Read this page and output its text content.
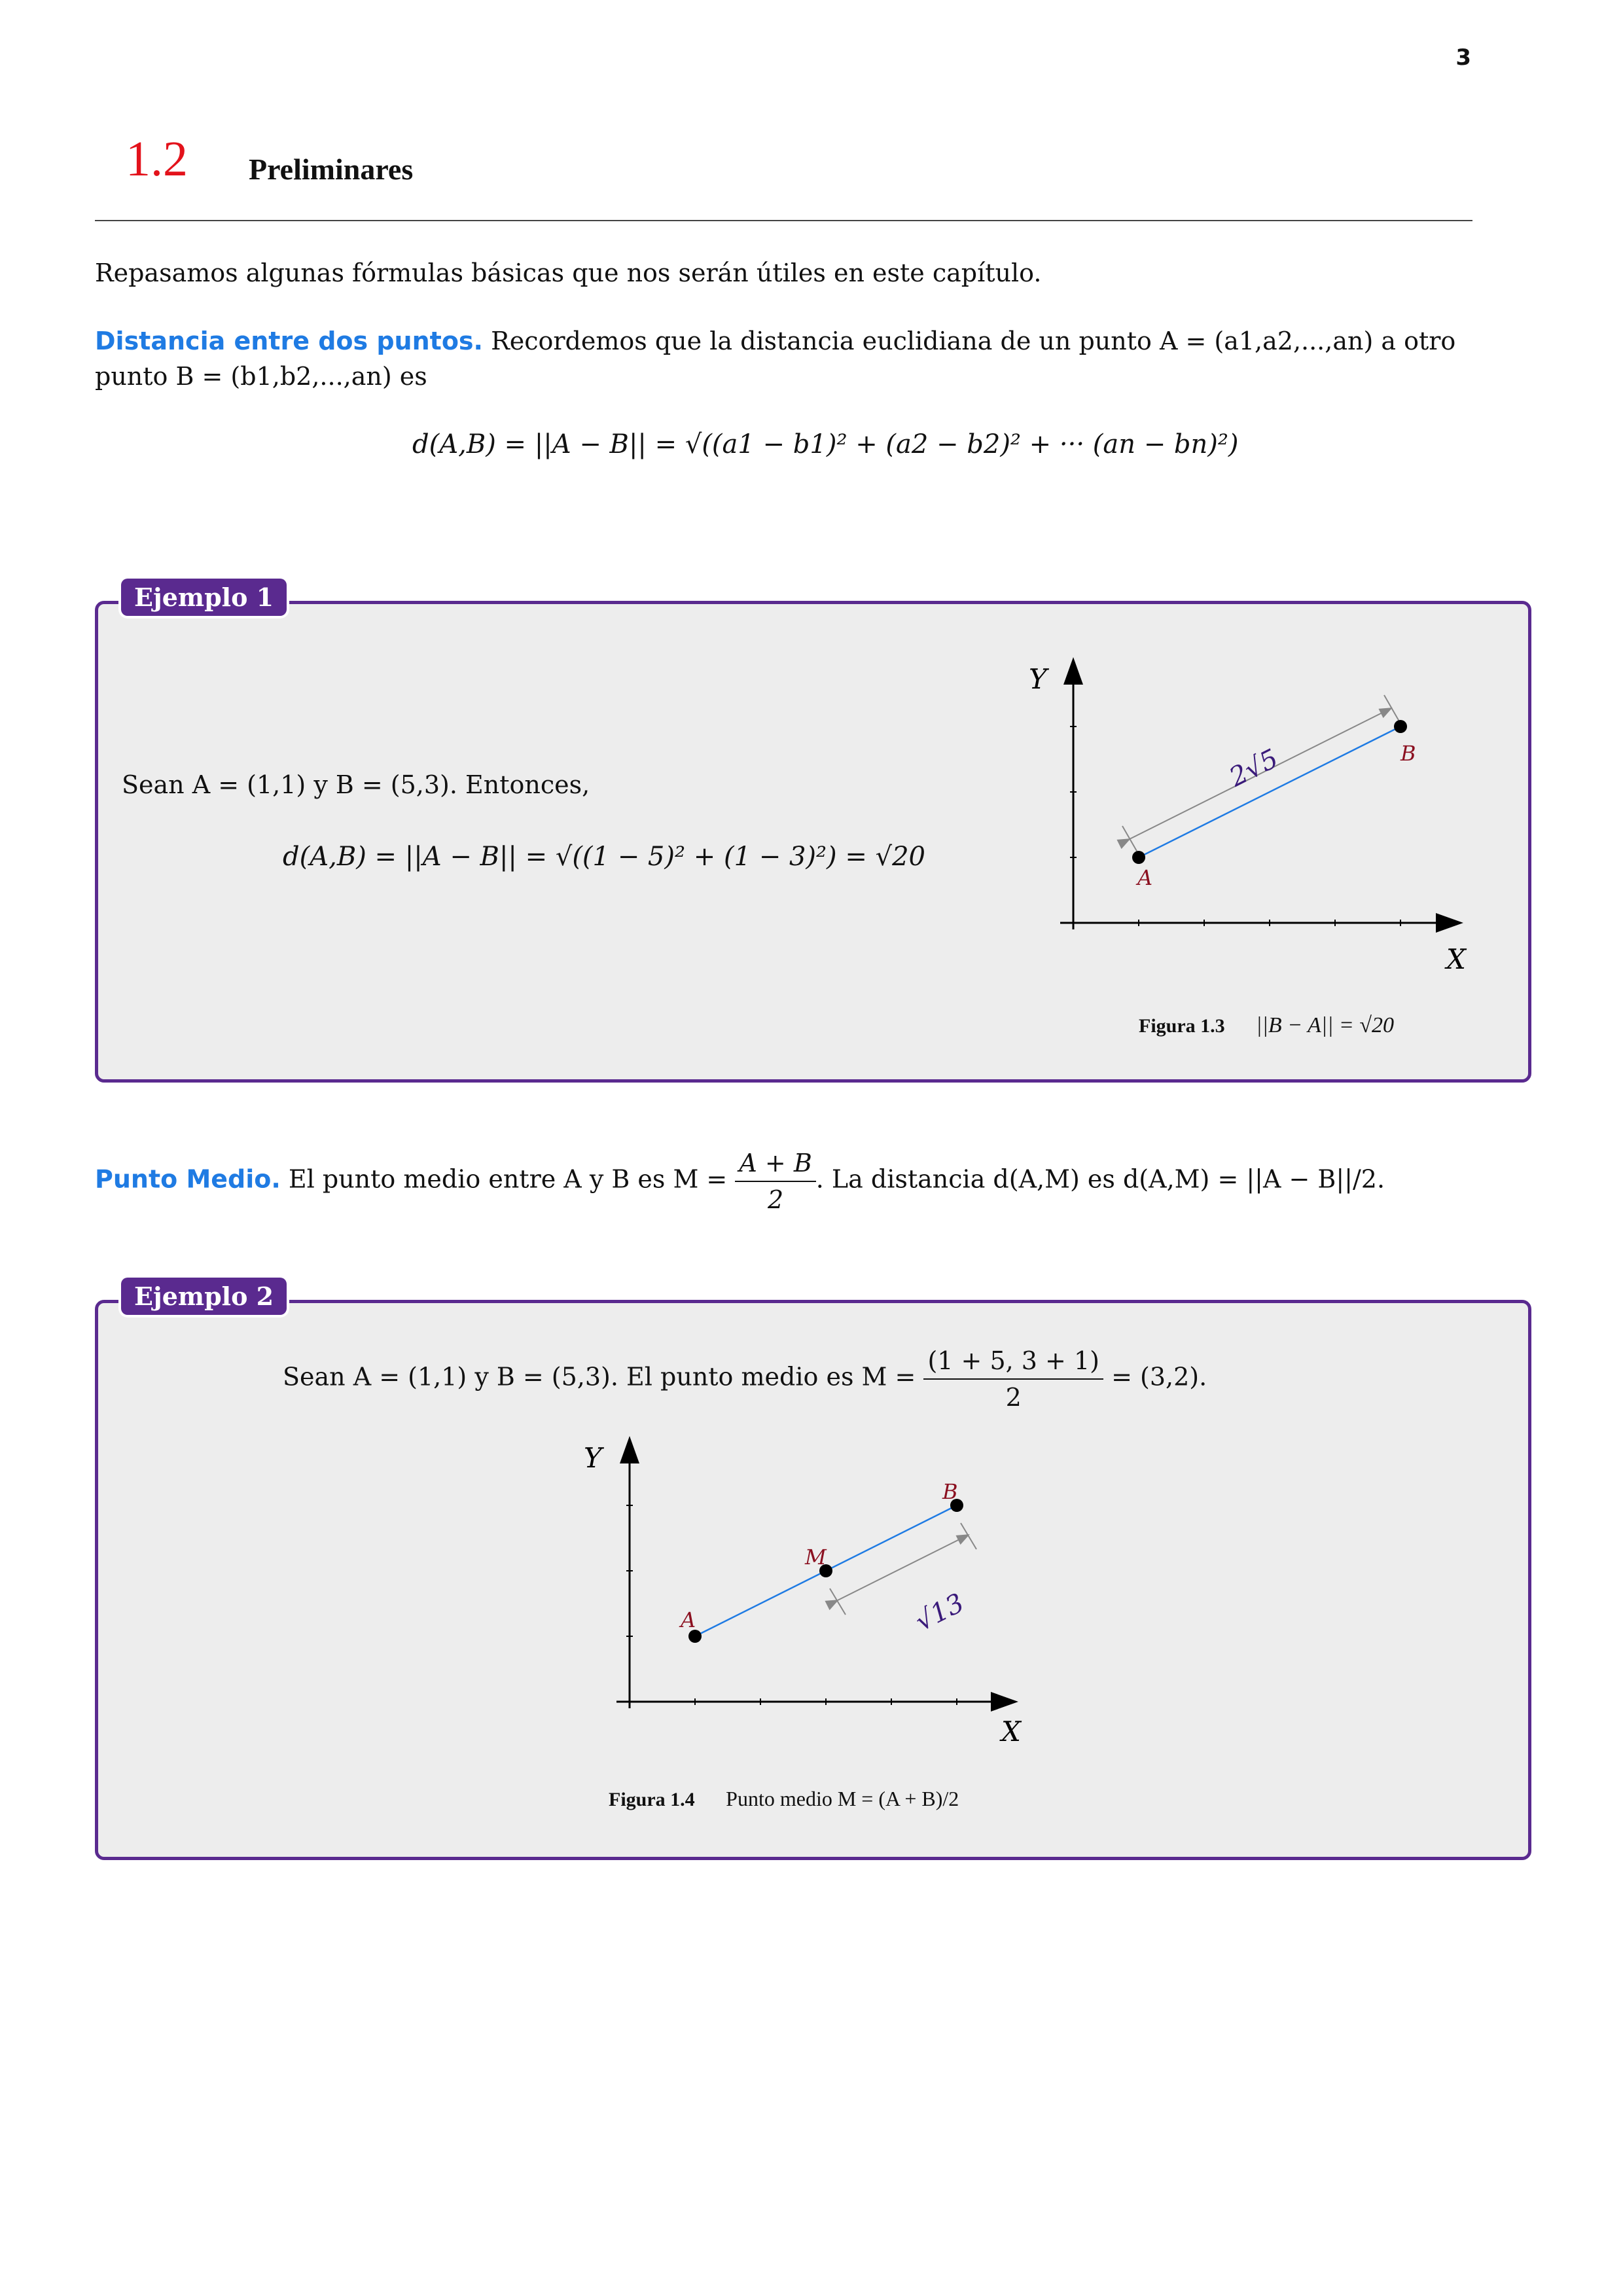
3
1.2 Preliminares
Repasamos algunas fórmulas básicas que nos serán útiles en este capítulo.
Distancia entre dos puntos. Recordemos que la distancia euclidiana de un punto A = (a1,a2,...,an) a otro punto B = (b1,b2,...,an) es
d(A,B) = ||A − B|| = √((a1 − b1)² + (a2 − b2)² + ··· (an − bn)²)
Ejemplo 1
Sean A = (1,1) y B = (5,3). Entonces,
d(A,B) = ||A − B|| = √((1 − 5)² + (1 − 3)²) = √20
Y
X
A
B
2√5
Figura 1.3 ||B − A|| = √20
Punto Medio. El punto medio entre A y B es $M = \frac{A + B}{2}$ . La distancia d(A,M) es d(A,M) = ||A − B||/2.
Ejemplo 2
Sean A = (1,1) y B = (5,3). El punto medio es $M = \frac{(1 + 5, 3 + 1)}{2} = (3,2)$.
Y
X
A
M
B
√13
Figura 1.4 Punto medio M = (A + B)/2
